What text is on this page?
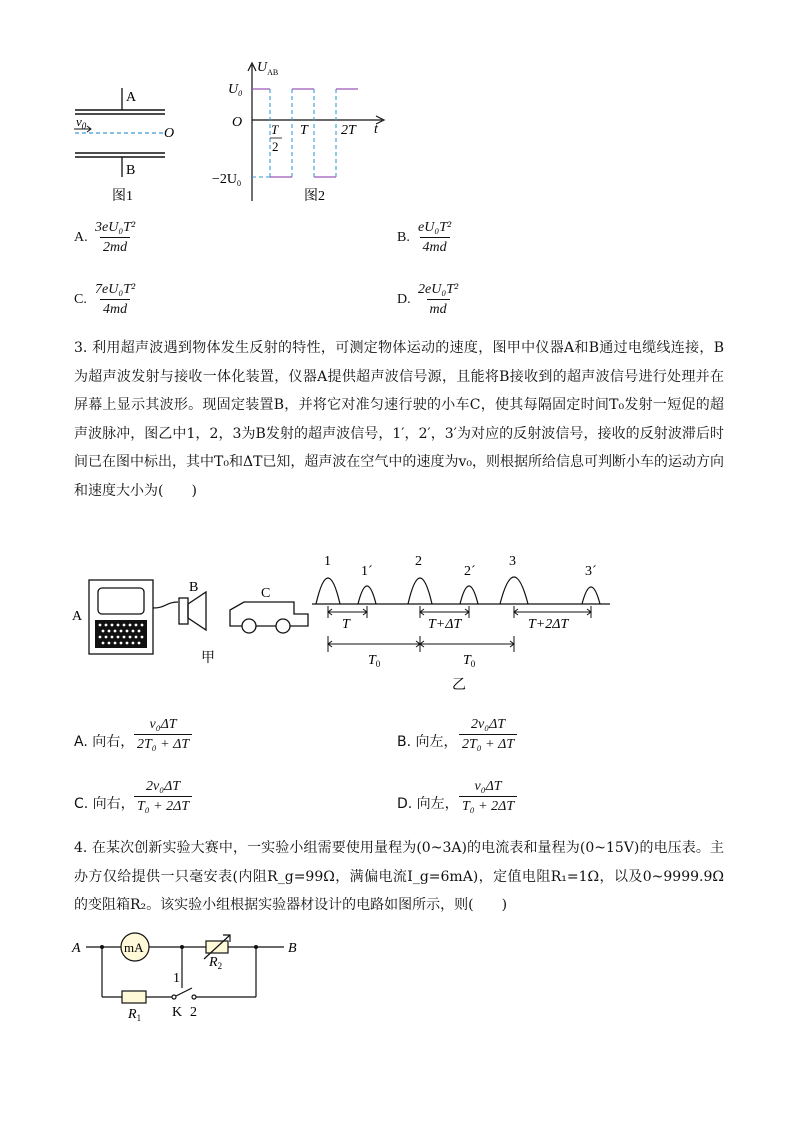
A
B
$v_0$	O
图1
$U_{AB}$
$U_0$
O
$-2U_0$
t
T
2
T 2T
图2
A. $\frac{\text{3eU₀T²}}{2md}$	B. $\frac{\text{eU₀T²}}{4md}$
C. $\frac{\text{7eU₀T²}}{4md}$	D. $\frac{\text{2eU₀T²}}{md}$
3. 利用超声波遇到物体发生反射的特性，可测定物体运动的速度，图甲中仪器A和B通过电缆线连接，B为超声波发射与接收一体化装置，仪器A提供超声波信号源，且能将B接收到的超声波信号进行处理并在屏幕上显示其波形。现固定装置B，并将它对准匀速行驶的小车C，使其每隔固定时间T₀发射一短促的超声波脉冲，图乙中1，2，3为B发射的超声波信号，1′，2′，3′为对应的反射波信号，接收的反射波滞后时间已在图中标出，其中T₀和ΔT已知，超声波在空气中的速度为v₀，则根据所给信息可判断小车的运动方向和速度大小为(　　)
A
B	C
甲
1
1´
2
2´
3
3´
T	T+ΔT	T+2ΔT
$T_0$	$T_0$
乙
A. 向右， $\frac{\text{v₀ΔT}}{\text{2T₀ + ΔT}}$	B. 向左， $\frac{\text{2v₀ΔT}}{\text{2T₀ + ΔT}}$
C. 向右， $\frac{\text{2v₀ΔT}}{\text{T₀ + 2ΔT}}$	D. 向左， $\frac{\text{v₀ΔT}}{\text{T₀ + 2ΔT}}$
4. 在某次创新实验大赛中，一实验小组需要使用量程为(0~3A)的电流表和量程为(0~15V)的电压表。主办方仅给提供一只毫安表(内阻R_g=99Ω，满偏电流I_g=6mA)，定值电阻R₁=1Ω，以及0~9999.9Ω的变阻箱R₂。该实验小组根据实验器材设计的电路如图所示，则(　　)
A	B
mA
$R_2$
$R_1$
1
K 2
